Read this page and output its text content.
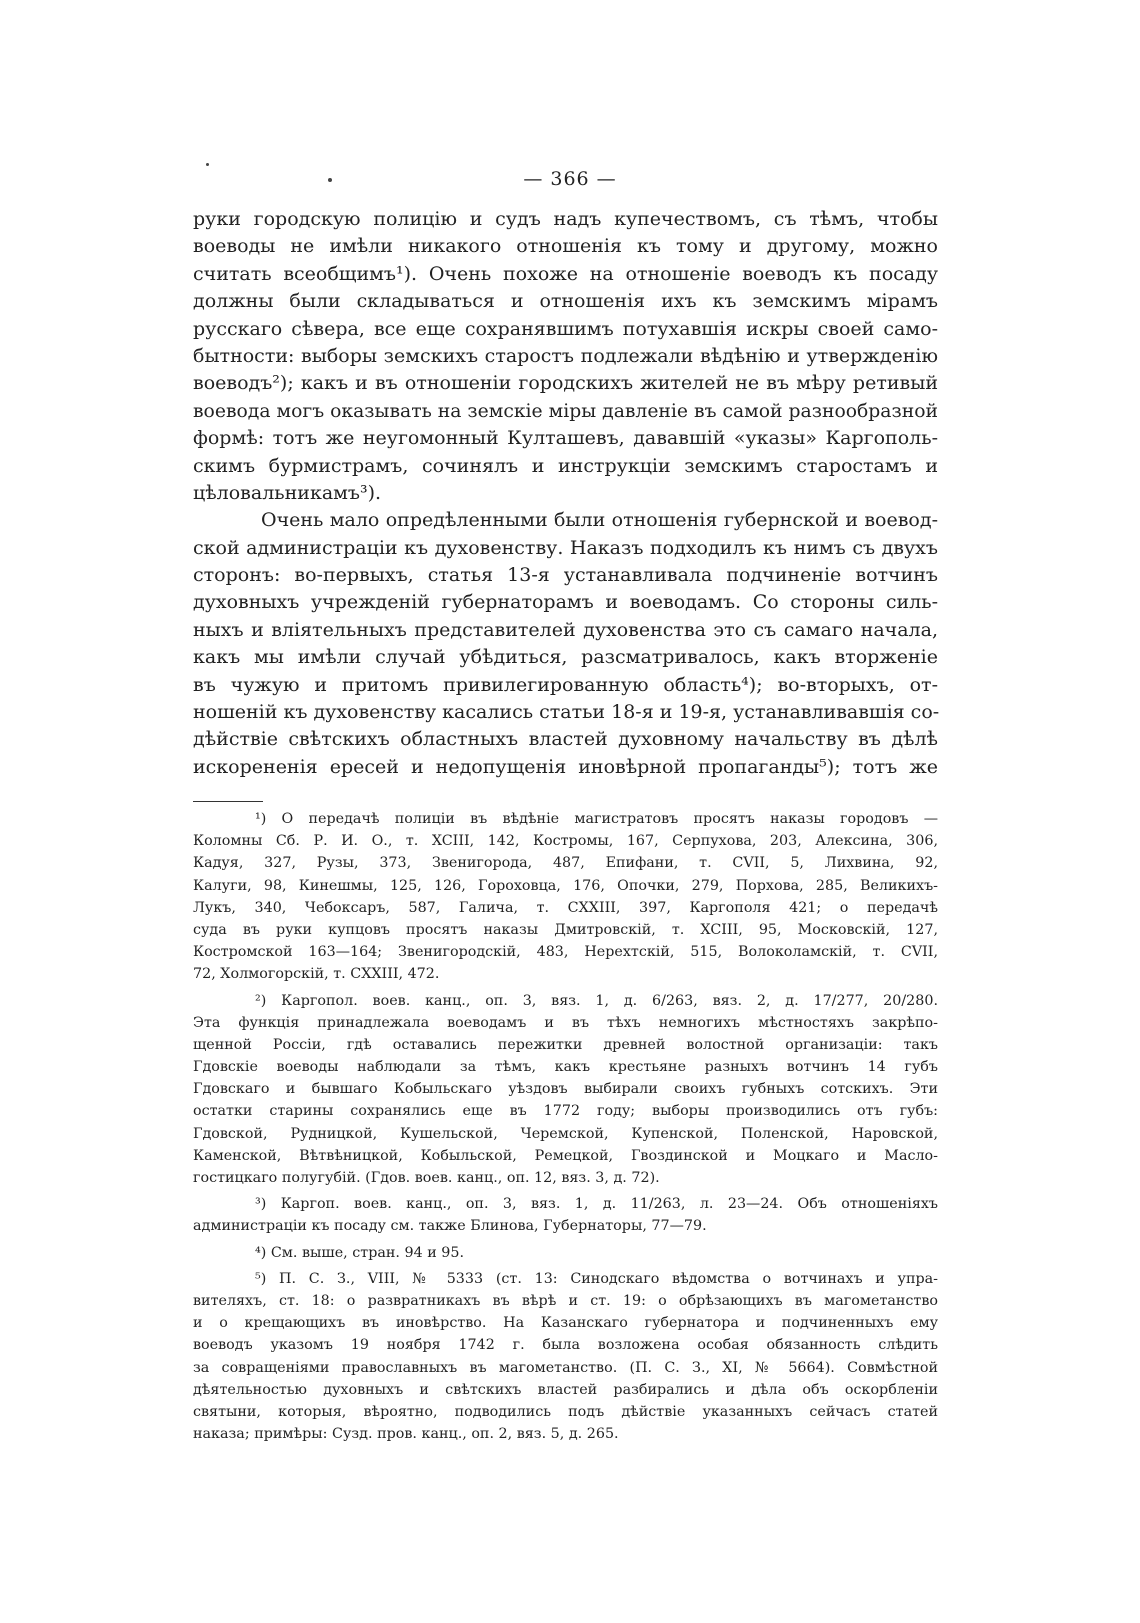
— 366 —
руки городскую полицію и судъ надъ купечествомъ, съ тѣмъ, чтобы
воеводы не имѣли никакого отношенія къ тому и другому, можно
считать всеобщимъ¹). Очень похоже на отношеніе воеводъ къ посаду
должны были складываться и отношенія ихъ къ земскимъ мірамъ
русскаго сѣвера, все еще сохранявшимъ потухавшія искры своей само-
бытности: выборы земскихъ старостъ подлежали вѣдѣнію и утвержденію
воеводъ²); какъ и въ отношеніи городскихъ жителей не въ мѣру ретивый
воевода могъ оказывать на земскіе міры давленіе въ самой разнообразной
формѣ: тотъ же неугомонный Култашевъ, дававшій «указы» Каргополь-
скимъ бурмистрамъ, сочинялъ и инструкціи земскимъ старостамъ и
цѣловальникамъ³).
Очень мало опредѣленными были отношенія губернской и воевод-
ской администраціи къ духовенству. Наказъ подходилъ къ нимъ съ двухъ
сторонъ: во-первыхъ, статья 13-я устанавливала подчиненіе вотчинъ
духовныхъ учрежденій губернаторамъ и воеводамъ. Со стороны силь-
ныхъ и вліятельныхъ представителей духовенства это съ самаго начала,
какъ мы имѣли случай убѣдиться, разсматривалось, какъ вторженіе
въ чужую и притомъ привилегированную область⁴); во-вторыхъ, от-
ношеній къ духовенству касались статьи 18-я и 19-я, устанавливавшія со-
дѣйствіе свѣтскихъ областныхъ властей духовному начальству въ дѣлѣ
искорененія ересей и недопущенія иновѣрной пропаганды⁵); тотъ же
¹) О передачѣ полиціи въ вѣдѣніе магистратовъ просятъ наказы городовъ —
Коломны Сб. Р. И. О., т. XCIII, 142, Костромы, 167, Серпухова, 203, Алексина, 306,
Кадуя, 327, Рузы, 373, Звенигорода, 487, Епифани, т. CVII, 5, Лихвина, 92,
Калуги, 98, Кинешмы, 125, 126, Гороховца, 176, Опочки, 279, Порхова, 285, Великихъ-
Лукъ, 340, Чебоксаръ, 587, Галича, т. CXXIII, 397, Каргополя 421; о передачѣ
суда въ руки купцовъ просятъ наказы Дмитровскій, т. XCIII, 95, Московскій, 127,
Костромской 163—164; Звенигородскій, 483, Нерехтскій, 515, Волоколамскій, т. CVII,
72, Холмогорскій, т. CXXIII, 472.
²) Каргопол. воев. канц., оп. 3, вяз. 1, д. 6/263, вяз. 2, д. 17/277, 20/280.
Эта функція принадлежала воеводамъ и въ тѣхъ немногихъ мѣстностяхъ закрѣпо-
щенной Россіи, гдѣ оставались пережитки древней волостной организаціи: такъ
Гдовскіе воеводы наблюдали за тѣмъ, какъ крестьяне разныхъ вотчинъ 14 губъ
Гдовскаго и бывшаго Кобыльскаго уѣздовъ выбирали своихъ губныхъ сотскихъ. Эти
остатки старины сохранялись еще въ 1772 году; выборы производились отъ губъ:
Гдовской, Рудницкой, Кушельской, Черемской, Купенской, Поленской, Наровской,
Каменской, Вѣтвѣницкой, Кобыльской, Ремецкой, Гвоздинской и Моцкаго и Масло-
гостицкаго полугубій. (Гдов. воев. канц., оп. 12, вяз. 3, д. 72).
³) Каргоп. воев. канц., оп. 3, вяз. 1, д. 11/263, л. 23—24. Объ отношеніяхъ
администраціи къ посаду см. также Блинова, Губернаторы, 77—79.
⁴) См. выше, стран. 94 и 95.
⁵) П. С. З., VIII, № 5333 (ст. 13: Синодскаго вѣдомства о вотчинахъ и упра-
вителяхъ, ст. 18: о развратникахъ въ вѣрѣ и ст. 19: о обрѣзающихъ въ магометанство
и о крещающихъ въ иновѣрство. На Казанскаго губернатора и подчиненныхъ ему
воеводъ указомъ 19 ноября 1742 г. была возложена особая обязанность слѣдить
за совращеніями православныхъ въ магометанство. (П. С. З., XI, № 5664). Совмѣстной
дѣятельностью духовныхъ и свѣтскихъ властей разбирались и дѣла объ оскорбленіи
святыни, которыя, вѣроятно, подводились подъ дѣйствіе указанныхъ сейчасъ статей
наказа; примѣры: Сузд. пров. канц., оп. 2, вяз. 5, д. 265.
